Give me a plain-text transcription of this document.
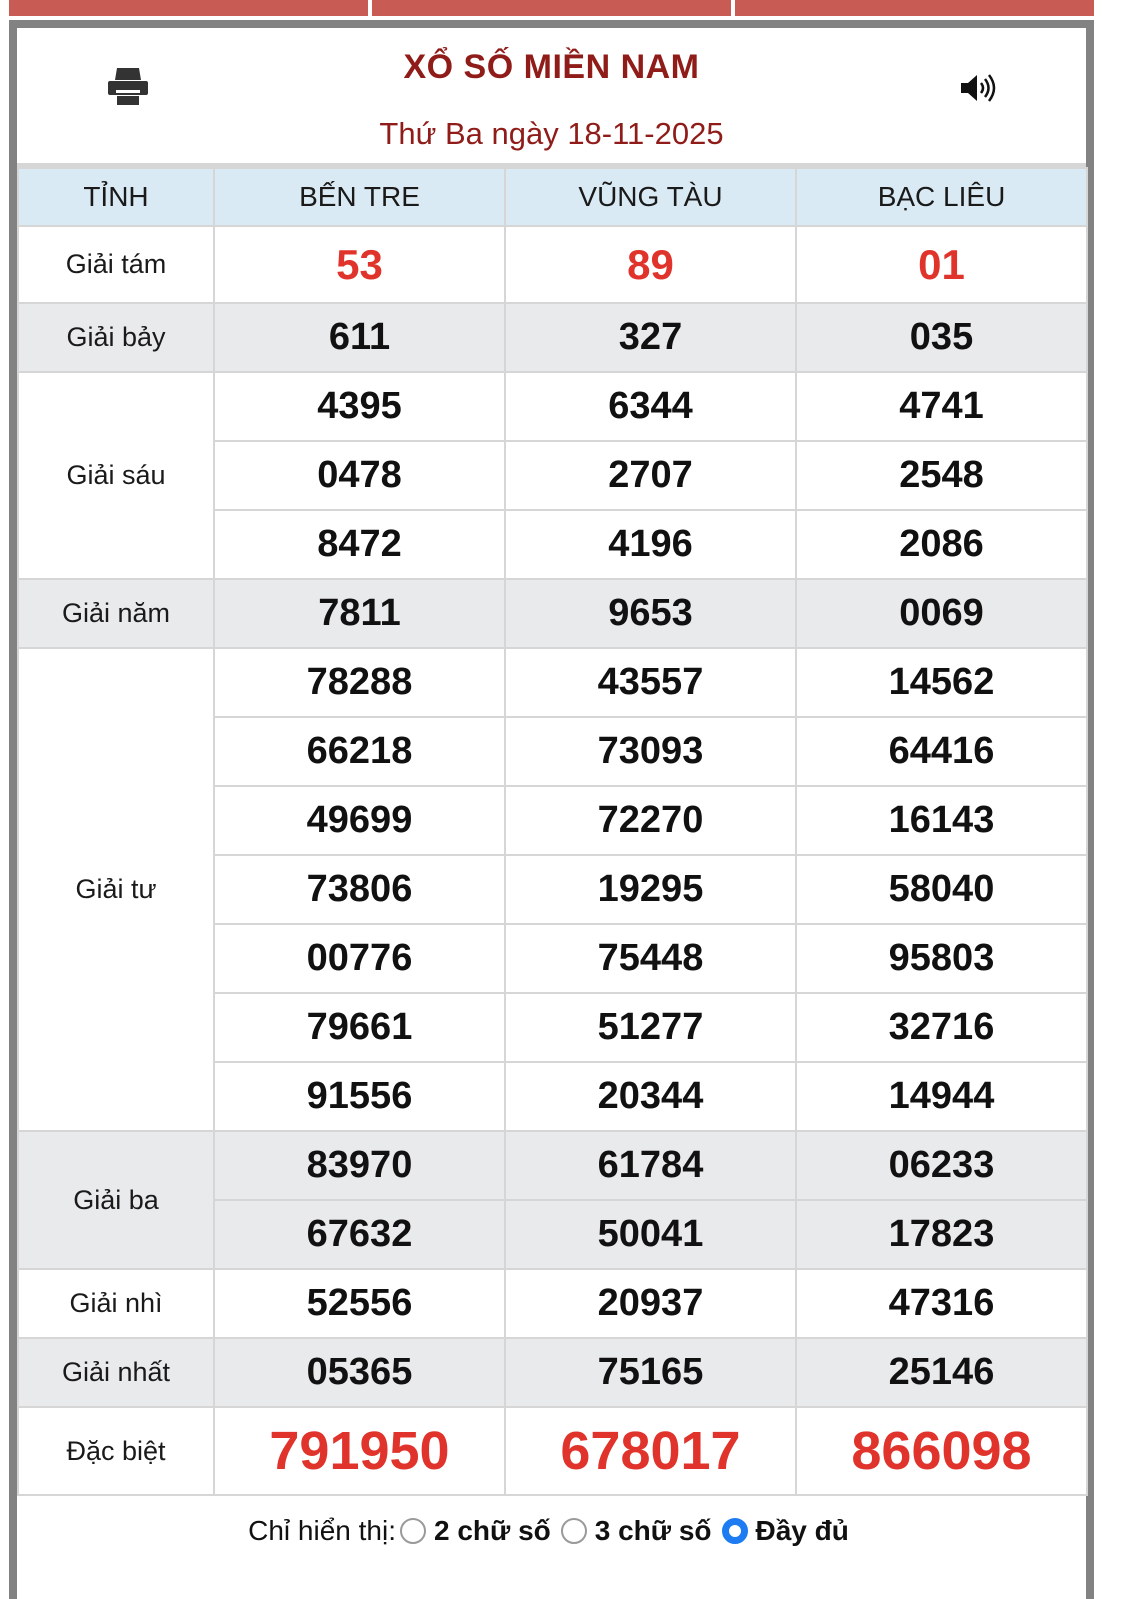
XỔ SỐ MIỀN NAM
Thứ Ba ngày 18-11-2025
TỈNH	BẾN TRE	VŨNG TÀU	BẠC LIÊU
Giải tám	53	89	01
Giải bảy	611	327	035
Giải sáu	4395	6344	4741
	0478	2707	2548
	8472	4196	2086
Giải năm	7811	9653	0069
Giải tư	78288	43557	14562
	66218	73093	64416
	49699	72270	16143
	73806	19295	58040
	00776	75448	95803
	79661	51277	32716
	91556	20344	14944
Giải ba	83970	61784	06233
	67632	50041	17823
Giải nhì	52556	20937	47316
Giải nhất	05365	75165	25146
Đặc biệt	791950	678017	866098
Chỉ hiển thị: 2 chữ số 3 chữ số Đầy đủ
